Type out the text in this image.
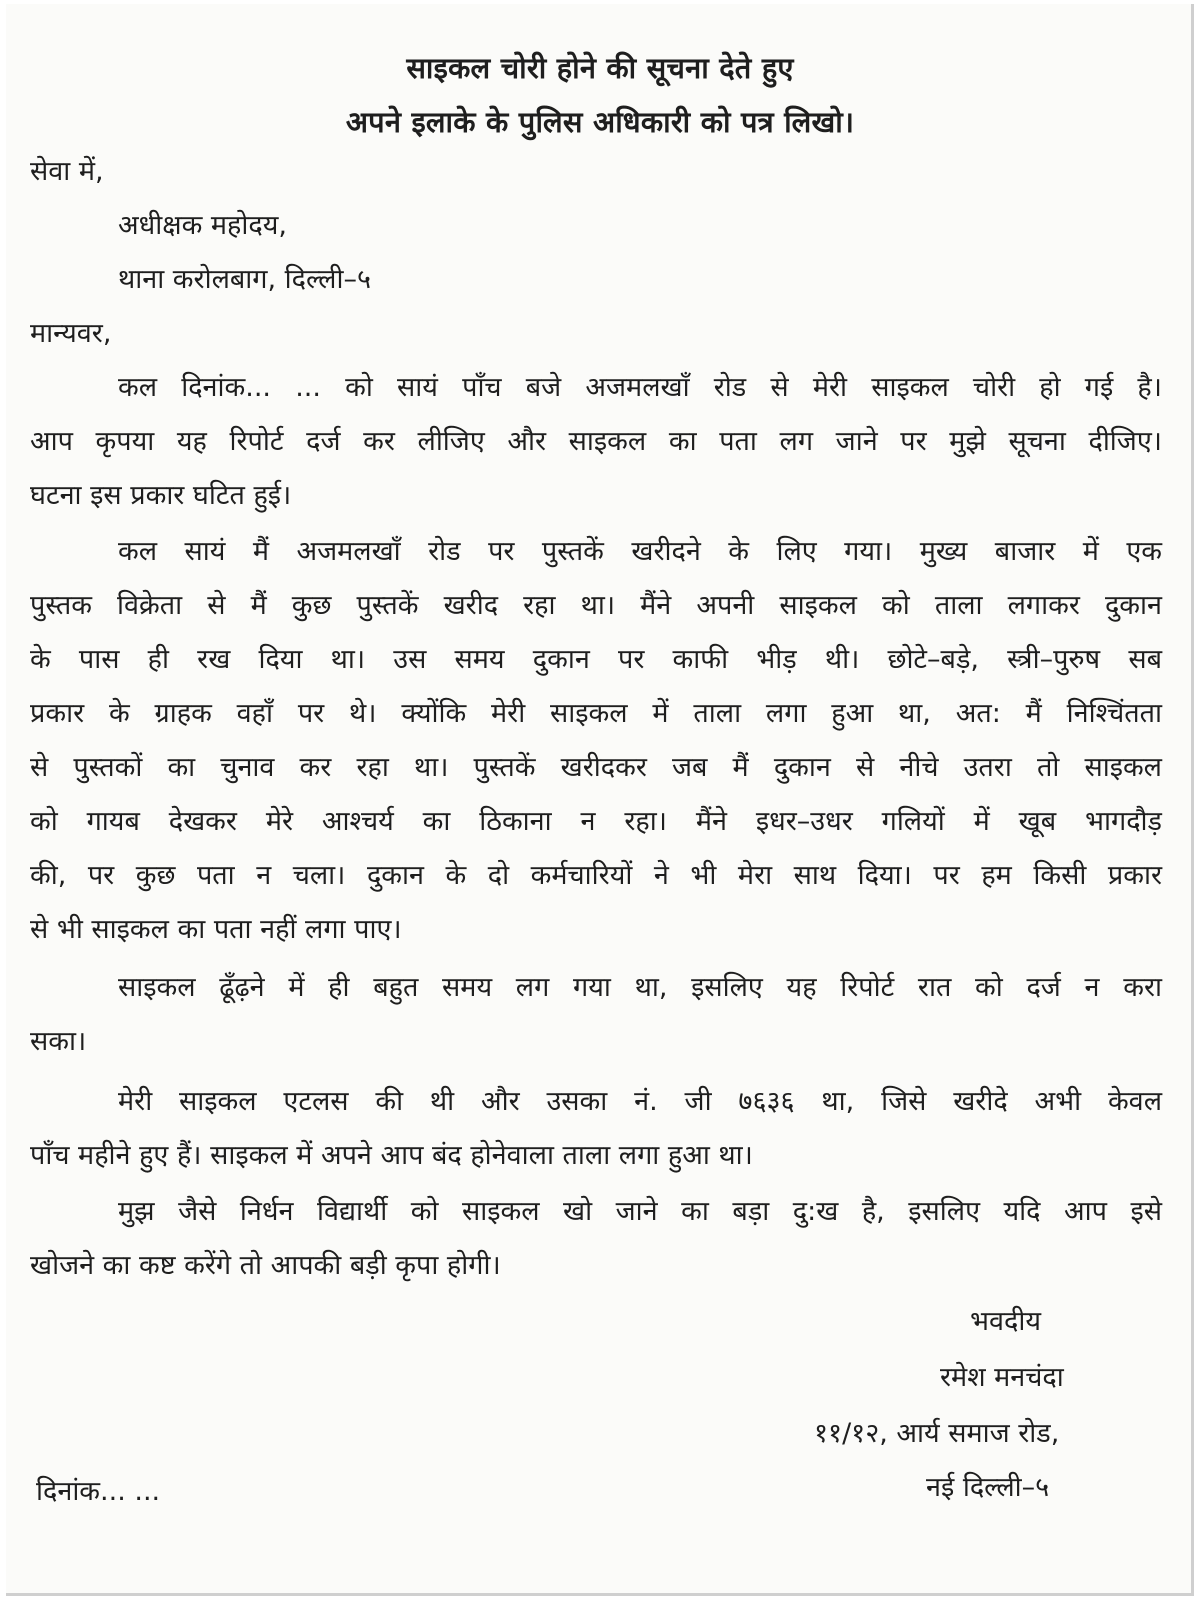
साइकल चोरी होने की सूचना देते हुए
अपने इलाके के पुलिस अधिकारी को पत्र लिखो।
सेवा में,
अधीक्षक महोदय,
थाना करोलबाग, दिल्ली–५
मान्यवर,
कल दिनांक... ... को सायं पाँच बजे अजमलखाँ रोड से मेरी साइकल चोरी हो गई है।
आप कृपया यह रिपोर्ट दर्ज कर लीजिए और साइकल का पता लग जाने पर मुझे सूचना दीजिए।
घटना इस प्रकार घटित हुई।
कल सायं मैं अजमलखाँ रोड पर पुस्तकें खरीदने के लिए गया। मुख्य बाजार में एक
पुस्तक विक्रेता से मैं कुछ पुस्तकें खरीद रहा था। मैंने अपनी साइकल को ताला लगाकर दुकान
के पास ही रख दिया था। उस समय दुकान पर काफी भीड़ थी। छोटे–बड़े, स्त्री–पुरुष सब
प्रकार के ग्राहक वहाँ पर थे। क्योंकि मेरी साइकल में ताला लगा हुआ था, अत: मैं निश्चिंतता
से पुस्तकों का चुनाव कर रहा था। पुस्तकें खरीदकर जब मैं दुकान से नीचे उतरा तो साइकल
को गायब देखकर मेरे आश्चर्य का ठिकाना न रहा। मैंने इधर–उधर गलियों में खूब भागदौड़
की, पर कुछ पता न चला। दुकान के दो कर्मचारियों ने भी मेरा साथ दिया। पर हम किसी प्रकार
से भी साइकल का पता नहीं लगा पाए।
साइकल ढूँढ़ने में ही बहुत समय लग गया था, इसलिए यह रिपोर्ट रात को दर्ज न करा
सका।
मेरी साइकल एटलस की थी और उसका नं. जी ७६३६ था, जिसे खरीदे अभी केवल
पाँच महीने हुए हैं। साइकल में अपने आप बंद होनेवाला ताला लगा हुआ था।
मुझ जैसे निर्धन विद्यार्थी को साइकल खो जाने का बड़ा दु:ख है, इसलिए यदि आप इसे
खोजने का कष्ट करेंगे तो आपकी बड़ी कृपा होगी।
भवदीय
रमेश मनचंदा
११/१२, आर्य समाज रोड,
नई दिल्ली–५
दिनांक... ...
